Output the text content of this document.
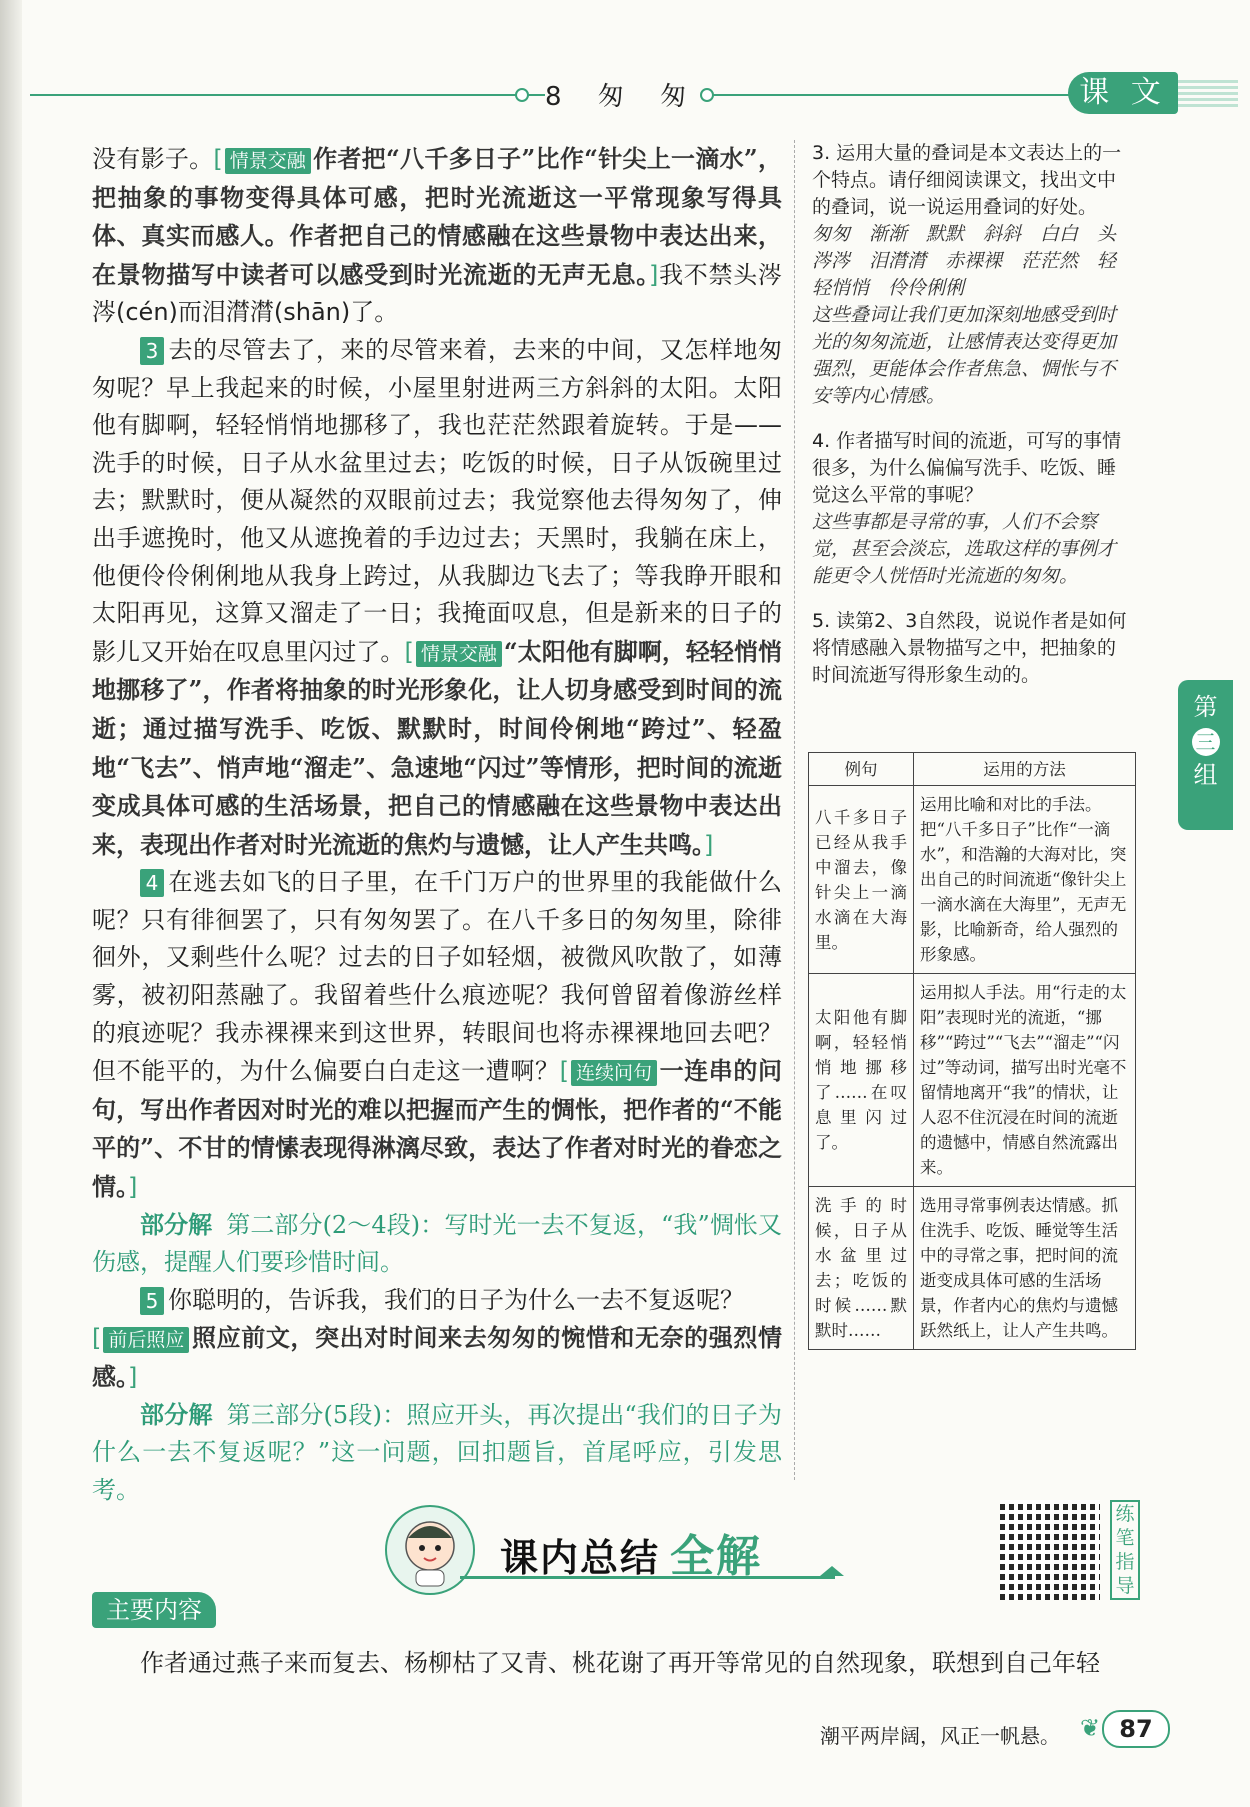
8 匆 匆	课 文

没有影子。[ 情景交融 作者把“八千多日子”比作“针尖上一滴水”，把抽象的事物变得具体可感，把时光流逝这一平常现象写得具体、真实而感人。作者把自己的情感融在这些景物中表达出来，在景物描写中读者可以感受到时光流逝的无声无息。]我不禁头涔涔(cén)而泪潸潸(shān)了。

3 去的尽管去了，来的尽管来着，去来的中间，又怎样地匆匆呢？早上我起来的时候，小屋里射进两三方斜斜的太阳。太阳他有脚啊，轻轻悄悄地挪移了，我也茫茫然跟着旋转。于是——洗手的时候，日子从水盆里过去；吃饭的时候，日子从饭碗里过去；默默时，便从凝然的双眼前过去；我觉察他去得匆匆了，伸出手遮挽时，他又从遮挽着的手边过去；天黑时，我躺在床上，他便伶伶俐俐地从我身上跨过，从我脚边飞去了；等我睁开眼和太阳再见，这算又溜走了一日；我掩面叹息，但是新来的日子的影儿又开始在叹息里闪过了。[ 情景交融 “太阳他有脚啊，轻轻悄悄地挪移了”，作者将抽象的时光形象化，让人切身感受到时间的流逝；通过描写洗手、吃饭、默默时，时间伶俐地“跨过”、轻盈地“飞去”、悄声地“溜走”、急速地“闪过”等情形，把时间的流逝变成具体可感的生活场景，把自己的情感融在这些景物中表达出来，表现出作者对时光流逝的焦灼与遗憾，让人产生共鸣。]

4 在逃去如飞的日子里，在千门万户的世界里的我能做什么呢？只有徘徊罢了，只有匆匆罢了。在八千多日的匆匆里，除徘徊外，又剩些什么呢？过去的日子如轻烟，被微风吹散了，如薄雾，被初阳蒸融了。我留着些什么痕迹呢？我何曾留着像游丝样的痕迹呢？我赤裸裸来到这世界，转眼间也将赤裸裸地回去吧？但不能平的，为什么偏要白白走这一遭啊？[ 连续问句 一连串的问句，写出作者因对时光的难以把握而产生的惆怅，把作者的“不能平的”、不甘的情愫表现得淋漓尽致，表达了作者对时光的眷恋之情。]

部分解 第二部分(2～4段)：写时光一去不复返，“我”惆怅又伤感，提醒人们要珍惜时间。

5 你聪明的，告诉我，我们的日子为什么一去不复返呢？

[ 前后照应 照应前文，突出对时间来去匆匆的惋惜和无奈的强烈情感。]

部分解 第三部分(5段)：照应开头，再次提出“我们的日子为什么一去不复返呢？”这一问题，回扣题旨，首尾呼应，引发思考。

3. 运用大量的叠词是本文表达上的一个特点。请仔细阅读课文，找出文中的叠词，说一说运用叠词的好处。

匆匆　渐渐　默默　斜斜　白白　头涔涔　泪潸潸　赤裸裸　茫茫然　轻轻悄悄　伶伶俐俐

这些叠词让我们更加深刻地感受到时光的匆匆流逝，让感情表达变得更加强烈，更能体会作者焦急、惆怅与不安等内心情感。

4. 作者描写时间的流逝，可写的事情很多，为什么偏偏写洗手、吃饭、睡觉这么平常的事呢？

这些事都是寻常的事，人们不会察觉，甚至会淡忘，选取这样的事例才能更令人恍悟时光流逝的匆匆。

5. 读第2、3自然段，说说作者是如何将情感融入景物描写之中，把抽象的时间流逝写得形象生动的。

例句	运用的方法
八千多日子已经从我手中溜去，像针尖上一滴水滴在大海里。	运用比喻和对比的手法。把“八千多日子”比作“一滴水”，和浩瀚的大海对比，突出自己的时间流逝“像针尖上一滴水滴在大海里”，无声无影，比喻新奇，给人强烈的形象感。
太阳他有脚啊，轻轻悄悄地挪移了……在叹息里闪过了。	运用拟人手法。用“行走的太阳”表现时光的流逝，“挪移”“跨过”“飞去”“溜走”“闪过”等动词，描写出时光毫不留情地离开“我”的情状，让人忍不住沉浸在时间的流逝的遗憾中，情感自然流露出来。
洗手的时候，日子从水盆里过去；吃饭的时候……默默时……	选用寻常事例表达情感。抓住洗手、吃饭、睡觉等生活中的寻常之事，把时间的流逝变成具体可感的生活场景，作者内心的焦灼与遗憾跃然纸上，让人产生共鸣。
第
三
组
课内总结 全解
练笔指导
主要内容
作者通过燕子来而复去、杨柳枯了又青、桃花谢了再开等常见的自然现象，联想到自己年轻
潮平两岸阔，风正一帆悬。 ❦ 87
